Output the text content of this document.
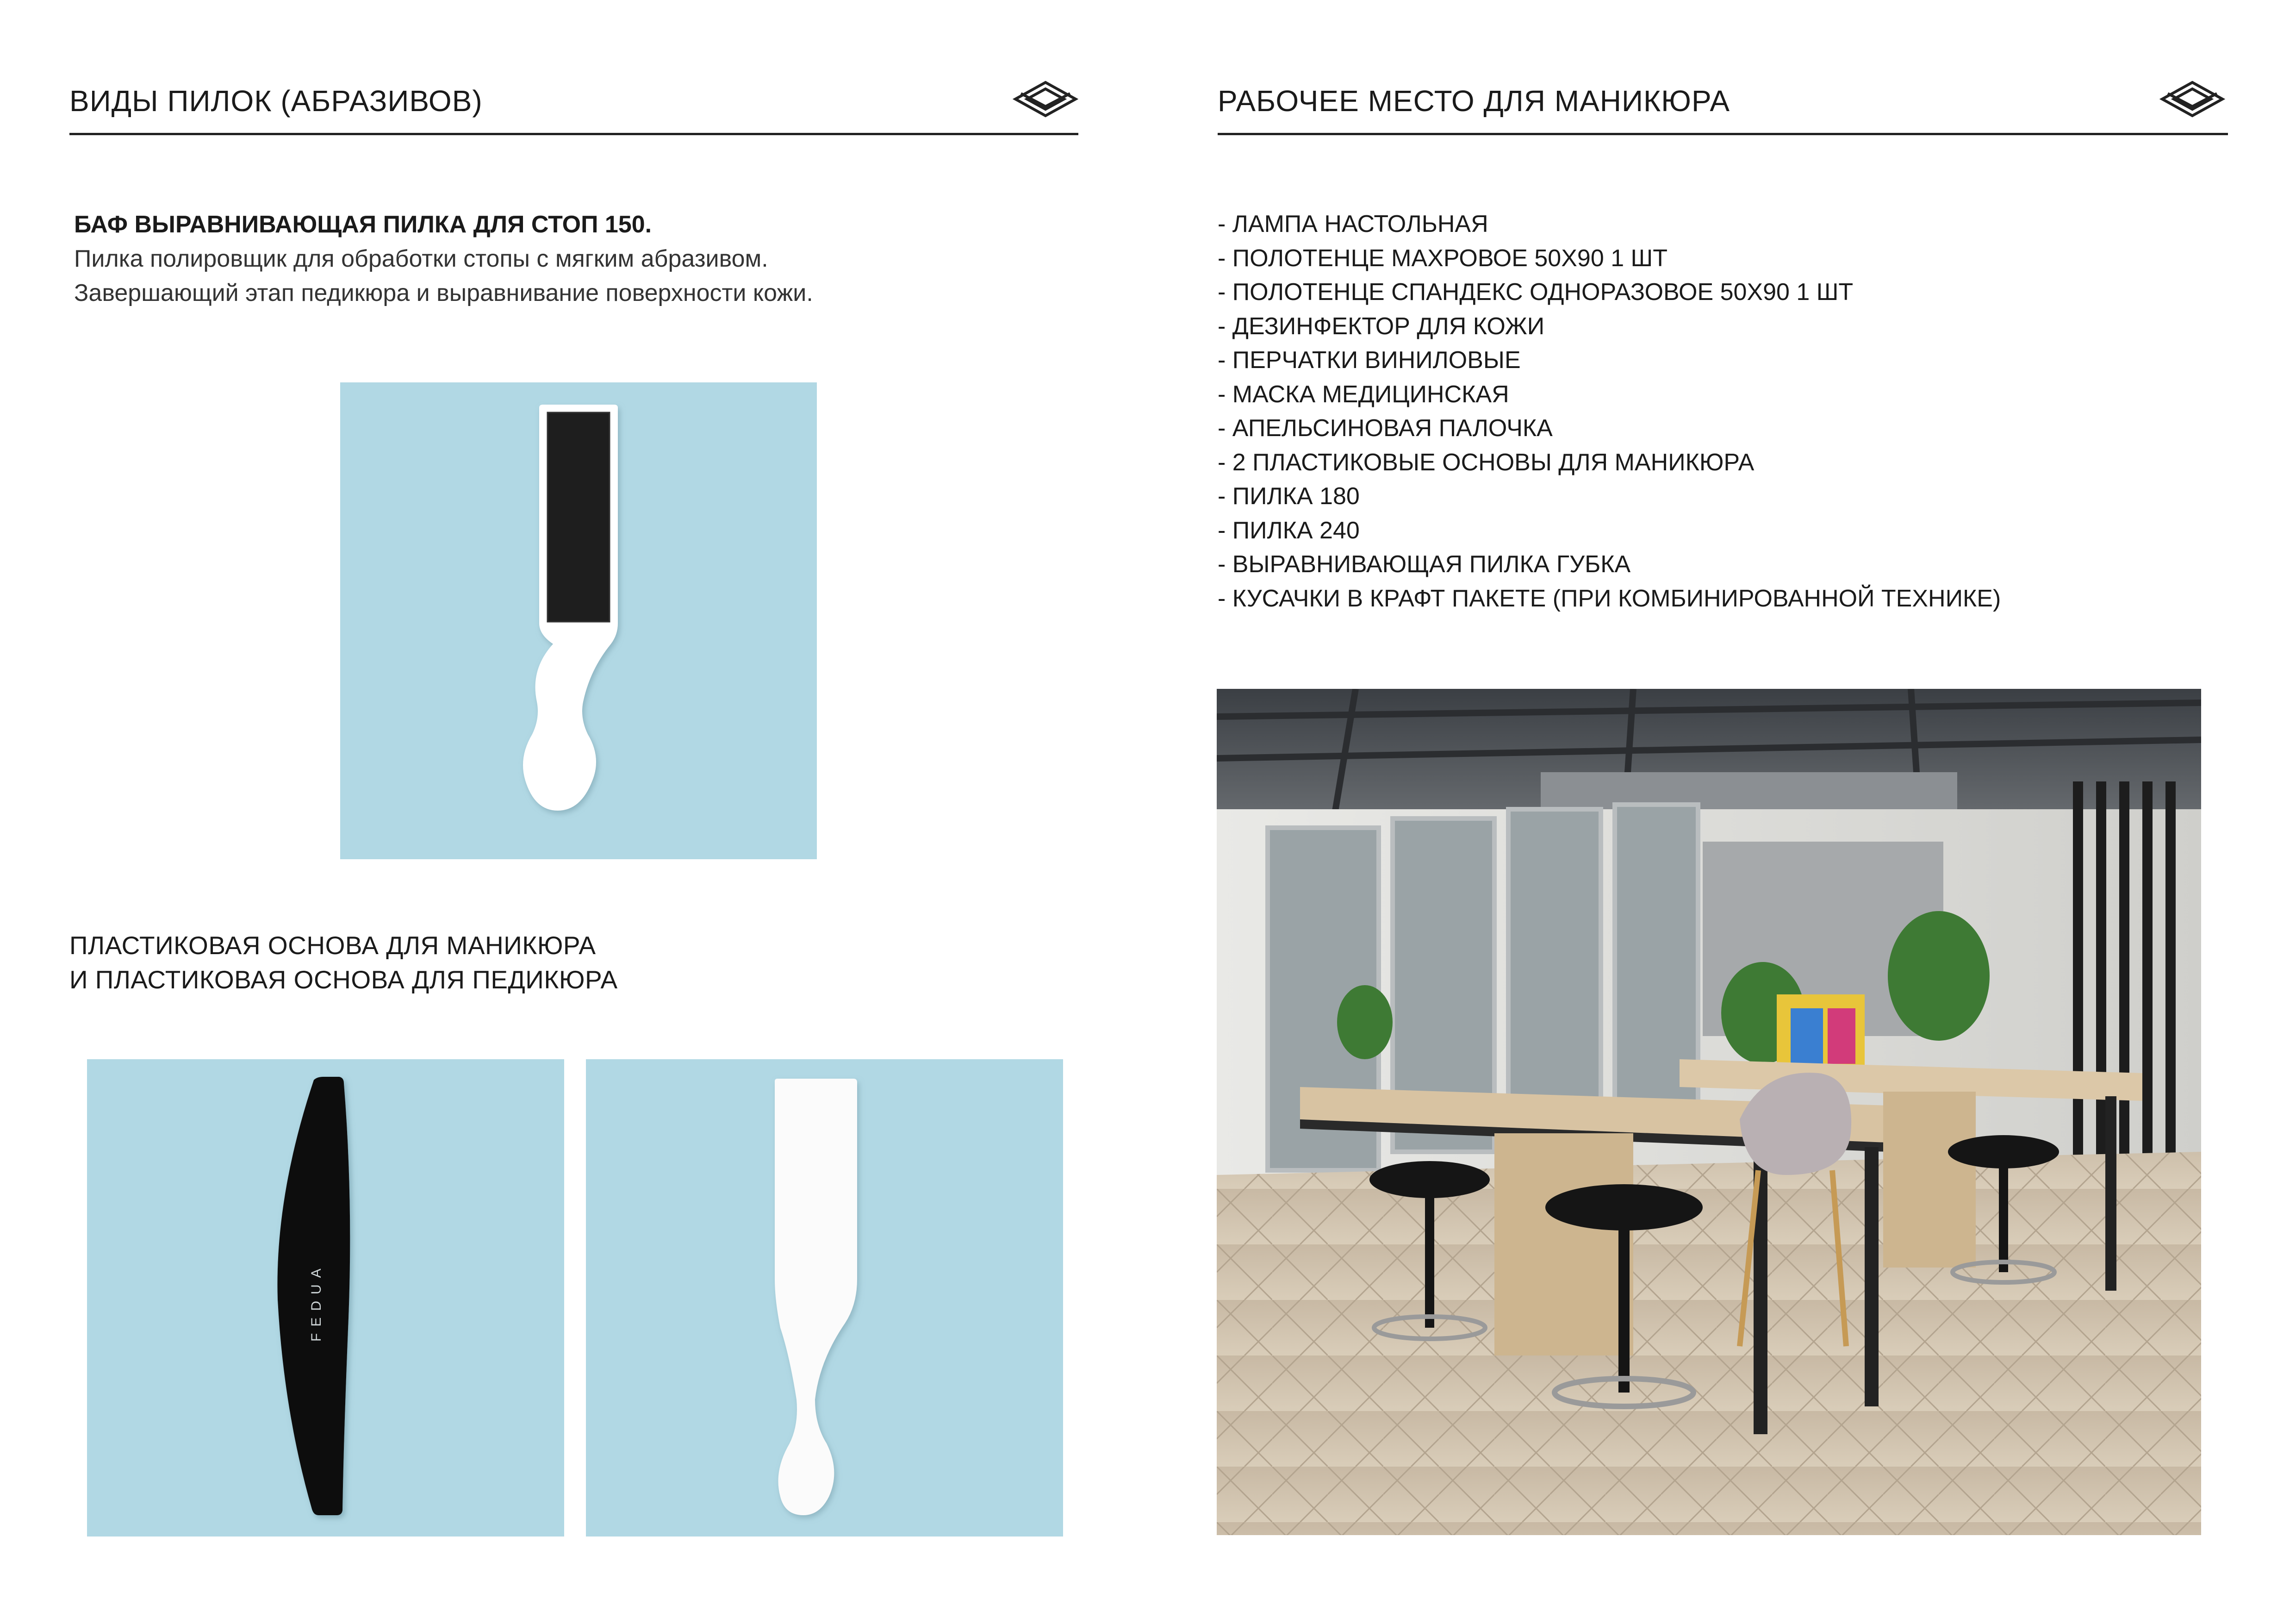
ВИДЫ ПИЛОК (АБРАЗИВОВ)
БАФ ВЫРАВНИВАЮЩАЯ ПИЛКА ДЛЯ СТОП 150.
Пилка полировщик для обработки стопы с мягким абразивом.
Завершающий этап педикюра и выравнивание поверхности кожи.
ПЛАСТИКОВАЯ ОСНОВА ДЛЯ МАНИКЮРА
И ПЛАСТИКОВАЯ ОСНОВА ДЛЯ ПЕДИКЮРА
FEDUA
РАБОЧЕЕ МЕСТО ДЛЯ МАНИКЮРА
- ЛАМПА НАСТОЛЬНАЯ
- ПОЛОТЕНЦЕ МАХРОВОЕ 50Х90 1 ШТ
- ПОЛОТЕНЦЕ СПАНДЕКС ОДНОРАЗОВОЕ 50Х90 1 ШТ
- ДЕЗИНФЕКТОР ДЛЯ КОЖИ
- ПЕРЧАТКИ ВИНИЛОВЫЕ
- МАСКА МЕДИЦИНСКАЯ
- АПЕЛЬСИНОВАЯ ПАЛОЧКА
- 2 ПЛАСТИКОВЫЕ ОСНОВЫ ДЛЯ МАНИКЮРА
- ПИЛКА 180
- ПИЛКА 240
- ВЫРАВНИВАЮЩАЯ ПИЛКА ГУБКА
- КУСАЧКИ В КРАФТ ПАКЕТЕ (ПРИ КОМБИНИРОВАННОЙ ТЕХНИКЕ)
